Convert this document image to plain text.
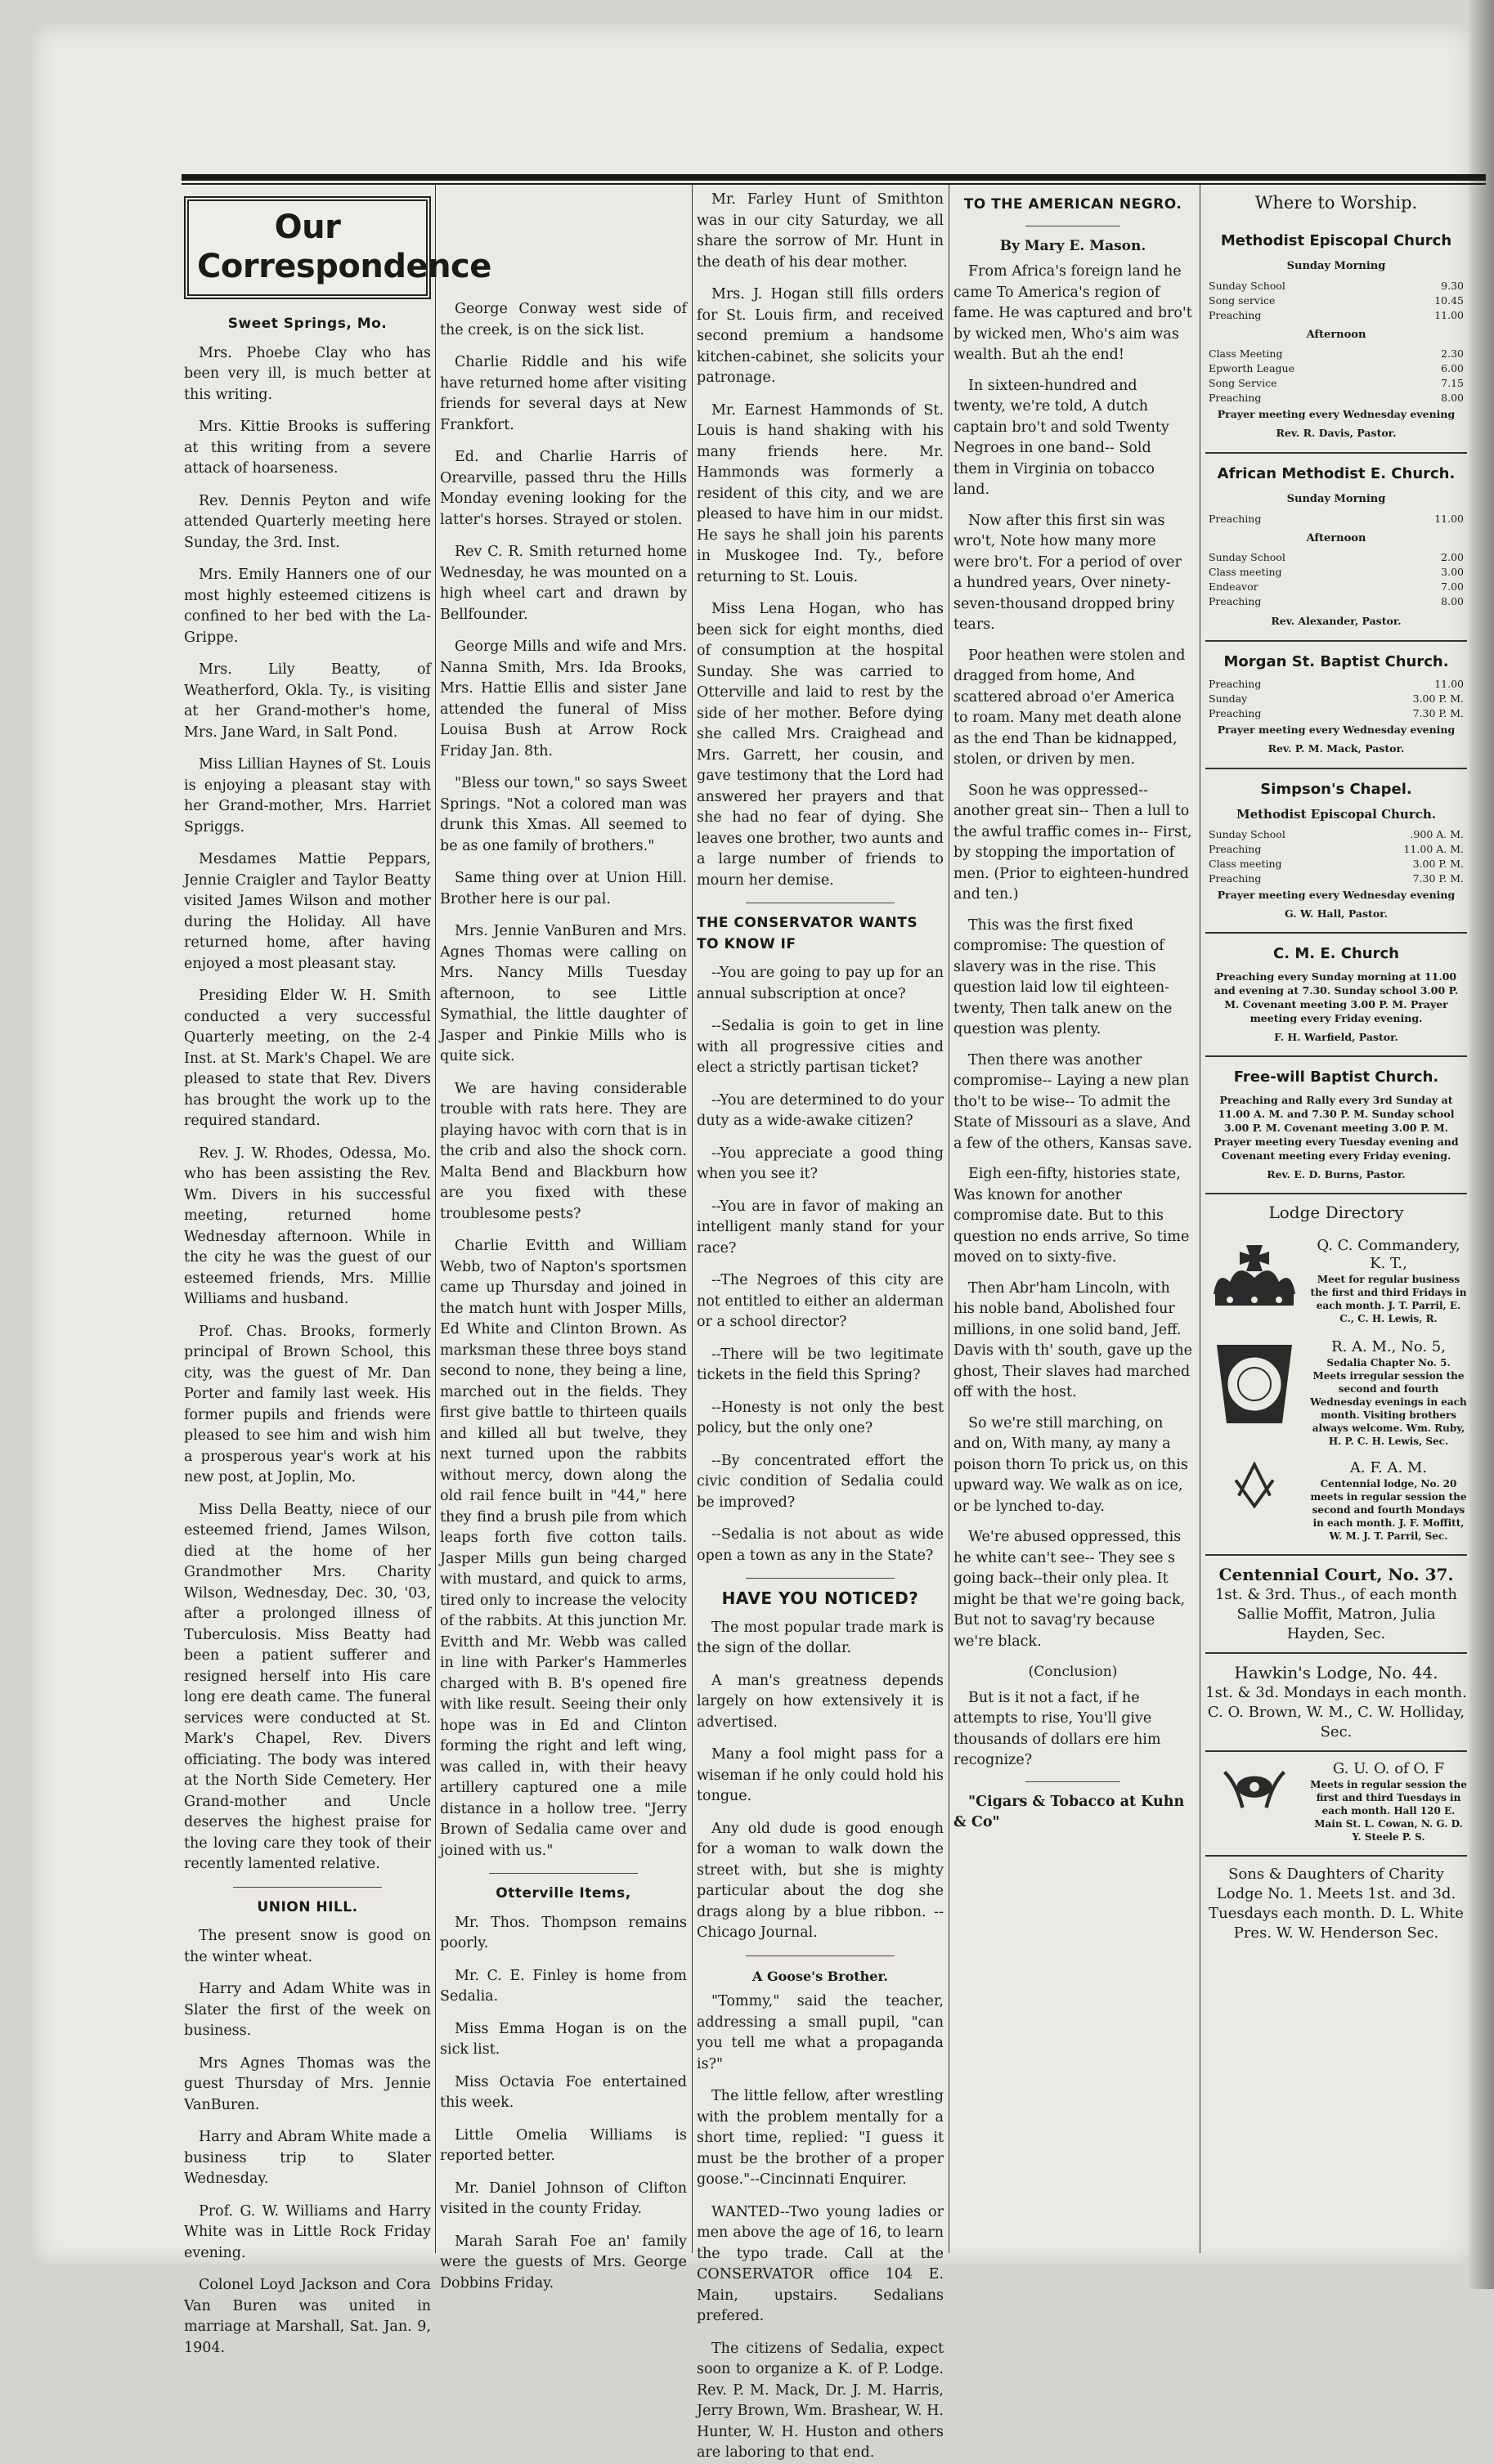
Our Correspondence
Sweet Springs, Mo.

Mrs. Phoebe Clay who has been very ill, is much better at this writing.

Mrs. Kittie Brooks is suffering at this writing from a severe attack of hoarseness.

Rev. Dennis Peyton and wife attended Quarterly meeting here Sunday, the 3rd. Inst.

Mrs. Emily Hanners one of our most highly esteemed citizens is confined to her bed with the La-Grippe.

Mrs. Lily Beatty, of Weatherford, Okla. Ty., is visiting at her Grand-mother's home, Mrs. Jane Ward, in Salt Pond.

Miss Lillian Haynes of St. Louis is enjoying a pleasant stay with her Grand-mother, Mrs. Harriet Spriggs.

Mesdames Mattie Peppars, Jennie Craigler and Taylor Beatty visited James Wilson and mother during the Holiday. All have returned home, after having enjoyed a most pleasant stay.

Presiding Elder W. H. Smith conducted a very successful Quarterly meeting, on the 2-4 Inst. at St. Mark's Chapel. We are pleased to state that Rev. Divers has brought the work up to the required standard.

Rev. J. W. Rhodes, Odessa, Mo. who has been assisting the Rev. Wm. Divers in his successful meeting, returned home Wednesday afternoon. While in the city he was the guest of our esteemed friends, Mrs. Millie Williams and husband.

Prof. Chas. Brooks, formerly principal of Brown School, this city, was the guest of Mr. Dan Porter and family last week. His former pupils and friends were pleased to see him and wish him a prosperous year's work at his new post, at Joplin, Mo.

Miss Della Beatty, niece of our esteemed friend, James Wilson, died at the home of her Grandmother Mrs. Charity Wilson, Wednesday, Dec. 30, '03, after a prolonged illness of Tuberculosis. Miss Beatty had been a patient sufferer and resigned herself into His care long ere death came. The funeral services were conducted at St. Mark's Chapel, Rev. Divers officiating. The body was intered at the North Side Cemetery. Her Grand-mother and Uncle deserves the highest praise for the loving care they took of their recently lamented relative.

UNION HILL.

The present snow is good on the winter wheat.

Harry and Adam White was in Slater the first of the week on business.

Mrs Agnes Thomas was the guest Thursday of Mrs. Jennie VanBuren.

Harry and Abram White made a business trip to Slater Wednesday.

Prof. G. W. Williams and Harry White was in Little Rock Friday evening.

Colonel Loyd Jackson and Cora Van Buren was united in marriage at Marshall, Sat. Jan. 9, 1904.

George Conway west side of the creek, is on the sick list.

Charlie Riddle and his wife have returned home after visiting friends for several days at New Frankfort.

Ed. and Charlie Harris of Orearville, passed thru the Hills Monday evening looking for the latter's horses. Strayed or stolen.

Rev C. R. Smith returned home Wednesday, he was mounted on a high wheel cart and drawn by Bellfounder.

George Mills and wife and Mrs. Nanna Smith, Mrs. Ida Brooks, Mrs. Hattie Ellis and sister Jane attended the funeral of Miss Louisa Bush at Arrow Rock Friday Jan. 8th.

"Bless our town," so says Sweet Springs. "Not a colored man was drunk this Xmas. All seemed to be as one family of brothers."

Same thing over at Union Hill. Brother here is our pal.

Mrs. Jennie VanBuren and Mrs. Agnes Thomas were calling on Mrs. Nancy Mills Tuesday afternoon, to see Little Symathial, the little daughter of Jasper and Pinkie Mills who is quite sick.

We are having considerable trouble with rats here. They are playing havoc with corn that is in the crib and also the shock corn. Malta Bend and Blackburn how are you fixed with these troublesome pests?

Charlie Evitth and William Webb, two of Napton's sportsmen came up Thursday and joined in the match hunt with Josper Mills, Ed White and Clinton Brown. As marksman these three boys stand second to none, they being a line, marched out in the fields. They first give battle to thirteen quails and killed all but twelve, they next turned upon the rabbits without mercy, down along the old rail fence built in "44," here they find a brush pile from which leaps forth five cotton tails. Jasper Mills gun being charged with mustard, and quick to arms, tired only to increase the velocity of the rabbits. At this junction Mr. Evitth and Mr. Webb was called in line with Parker's Hammerles charged with B. B's opened fire with like result. Seeing their only hope was in Ed and Clinton forming the right and left wing, was called in, with their heavy artillery captured one a mile distance in a hollow tree. "Jerry Brown of Sedalia came over and joined with us."

Otterville Items,

Mr. Thos. Thompson remains poorly.

Mr. C. E. Finley is home from Sedalia.

Miss Emma Hogan is on the sick list.

Miss Octavia Foe entertained this week.

Little Omelia Williams is reported better.

Mr. Daniel Johnson of Clifton visited in the county Friday.

Marah Sarah Foe an' family were the guests of Mrs. George Dobbins Friday.

Mr. Farley Hunt of Smithton was in our city Saturday, we all share the sorrow of Mr. Hunt in the death of his dear mother.

Mrs. J. Hogan still fills orders for St. Louis firm, and received second premium a handsome kitchen-cabinet, she solicits your patronage.

Mr. Earnest Hammonds of St. Louis is hand shaking with his many friends here. Mr. Hammonds was formerly a resident of this city, and we are pleased to have him in our midst. He says he shall join his parents in Muskogee Ind. Ty., before returning to St. Louis.

Miss Lena Hogan, who has been sick for eight months, died of consumption at the hospital Sunday. She was carried to Otterville and laid to rest by the side of her mother. Before dying she called Mrs. Craighead and Mrs. Garrett, her cousin, and gave testimony that the Lord had answered her prayers and that she had no fear of dying. She leaves one brother, two aunts and a large number of friends to mourn her demise.

THE CONSERVATOR WANTS TO KNOW IF

--You are going to pay up for an annual subscription at once?

--Sedalia is goin to get in line with all progressive cities and elect a strictly partisan ticket?

--You are determined to do your duty as a wide-awake citizen?

--You appreciate a good thing when you see it?

--You are in favor of making an intelligent manly stand for your race?

--The Negroes of this city are not entitled to either an alderman or a school director?

--There will be two legitimate tickets in the field this Spring?

--Honesty is not only the best policy, but the only one?

--By concentrated effort the civic condition of Sedalia could be improved?

--Sedalia is not about as wide open a town as any in the State?

HAVE YOU NOTICED?

The most popular trade mark is the sign of the dollar.

A man's greatness depends largely on how extensively it is advertised.

Many a fool might pass for a wiseman if he only could hold his tongue.

Any old dude is good enough for a woman to walk down the street with, but she is mighty particular about the dog she drags along by a blue ribbon. --Chicago Journal.

A Goose's Brother.

"Tommy," said the teacher, addressing a small pupil, "can you tell me what a propaganda is?"

The little fellow, after wrestling with the problem mentally for a short time, replied: "I guess it must be the brother of a proper goose."--Cincinnati Enquirer.

WANTED--Two young ladies or men above the age of 16, to learn the typo trade. Call at the CONSERVATOR office 104 E. Main, upstairs. Sedalians prefered.

The citizens of Sedalia, expect soon to organize a K. of P. Lodge. Rev. P. M. Mack, Dr. J. M. Harris, Jerry Brown, Wm. Brashear, W. H. Hunter, W. H. Huston and others are laboring to that end.

TO THE AMERICAN NEGRO.
By Mary E. Mason.

From Africa's foreign land he came To America's region of fame. He was captured and bro't by wicked men, Who's aim was wealth. But ah the end!

In sixteen-hundred and twenty, we're told, A dutch captain bro't and sold Twenty Negroes in one band-- Sold them in Virginia on tobacco land.

Now after this first sin was wro't, Note how many more were bro't. For a period of over a hundred years, Over ninety-seven-thousand dropped briny tears.

Poor heathen were stolen and dragged from home, And scattered abroad o'er America to roam. Many met death alone as the end Than be kidnapped, stolen, or driven by men.

Soon he was oppressed--another great sin-- Then a lull to the awful traffic comes in-- First, by stopping the importation of men. (Prior to eighteen-hundred and ten.)

This was the first fixed compromise: The question of slavery was in the rise. This question laid low til eighteen-twenty, Then talk anew on the question was plenty.

Then there was another compromise-- Laying a new plan tho't to be wise-- To admit the State of Missouri as a slave, And a few of the others, Kansas save.

Eigh een-fifty, histories state, Was known for another compromise date. But to this question no ends arrive, So time moved on to sixty-five.

Then Abr'ham Lincoln, with his noble band, Abolished four millions, in one solid band, Jeff. Davis with th' south, gave up the ghost, Their slaves had marched off with the host.

So we're still marching, on and on, With many, ay many a poison thorn To prick us, on this upward way. We walk as on ice, or be lynched to-day.

We're abused oppressed, this he white can't see-- They see s going back--their only plea. It might be that we're going back, But not to savag'ry because we're black.

(Conclusion)

But is it not a fact, if he attempts to rise, You'll give thousands of dollars ere him recognize?

"Cigars & Tobacco at Kuhn & Co"

Where to Worship.
Methodist Episcopal Church
Sunday Morning
Sunday School	9.30
Song service	10.45
Preaching	11.00
Afternoon
Class Meeting	2.30
Epworth League	6.00
Song Service	7.15
Preaching	8.00
Prayer meeting every Wednesday evening
Rev. R. Davis, Pastor.
African Methodist E. Church.
Sunday Morning
Preaching	11.00
Afternoon
Sunday School	2.00
Class meeting	3.00
Endeavor	7.00
Preaching	8.00
Rev. Alexander, Pastor.
Morgan St. Baptist Church.
Preaching	11.00
Sunday	3.00 P. M.
Preaching	7.30 P. M.
Prayer meeting every Wednesday evening
Rev. P. M. Mack, Pastor.
Simpson's Chapel.
Methodist Episcopal Church.
Sunday School	.900 A. M.
Preaching	11.00 A. M.
Class meeting	3.00 P. M.
Preaching	7.30 P. M.
Prayer meeting every Wednesday evening
G. W. Hall, Pastor.
C. M. E. Church
Preaching every Sunday morning at 11.00 and evening at 7.30. Sunday school 3.00 P. M. Covenant meeting 3.00 P. M. Prayer meeting every Friday evening.
F. H. Warfield, Pastor.
Free-will Baptist Church.
Preaching and Rally every 3rd Sunday at 11.00 A. M. and 7.30 P. M. Sunday school 3.00 P. M. Covenant meeting 3.00 P. M. Prayer meeting every Tuesday evening and Covenant meeting every Friday evening.
Rev. E. D. Burns, Pastor.
Lodge Directory
Q. C. Commandery, K. T.,
Meet for regular business the first and third Fridays in each month. J. T. Parril, E. C., C. H. Lewis, R.
R. A. M., No. 5,
Sedalia Chapter No. 5. Meets irregular session the second and fourth Wednesday evenings in each month. Visiting brothers always welcome. Wm. Ruby, H. P. C. H. Lewis, Sec.
A. F. A. M.
Centennial lodge, No. 20 meets in regular session the second and fourth Mondays in each month. J. F. Moffitt, W. M. J. T. Parril, Sec.
Centennial Court, No. 37.
1st. & 3rd. Thus., of each month Sallie Moffit, Matron, Julia Hayden, Sec.
Hawkin's Lodge, No. 44.
1st. & 3d. Mondays in each month. C. O. Brown, W. M., C. W. Holliday, Sec.
G. U. O. of O. F
Meets in regular session the first and third Tuesdays in each month. Hall 120 E. Main St. L. Cowan, N. G. D. Y. Steele P. S.
Sons & Daughters of Charity Lodge No. 1. Meets 1st. and 3d. Tuesdays each month. D. L. White Pres. W. W. Henderson Sec.
